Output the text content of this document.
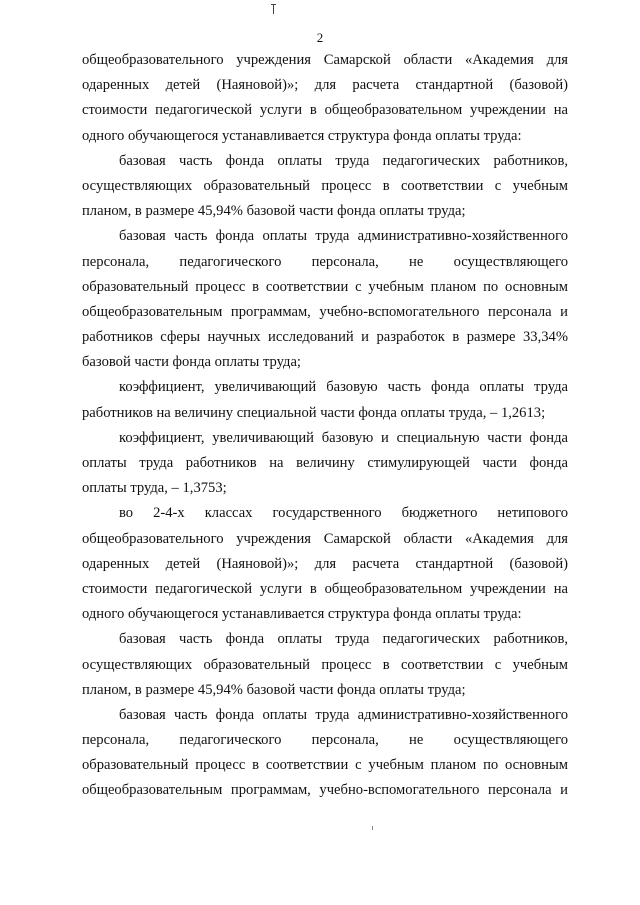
2
общеобразовательного учреждения Самарской области «Академия для
одаренных детей (Наяновой)»; для расчета стандартной (базовой)
стоимости педагогической услуги в общеобразовательном учреждении на
одного обучающегося устанавливается структура фонда оплаты труда:
базовая часть фонда оплаты труда педагогических работников,
осуществляющих образовательный процесс в соответствии с учебным
планом, в размере 45,94% базовой части фонда оплаты труда;
базовая часть фонда оплаты труда административно-хозяйственного
персонала, педагогического персонала, не осуществляющего
образовательный процесс в соответствии с учебным планом по основным
общеобразовательным программам, учебно-вспомогательного персонала и
работников сферы научных исследований и разработок в размере 33,34%
базовой части фонда оплаты труда;
коэффициент, увеличивающий базовую часть фонда оплаты труда
работников на величину специальной части фонда оплаты труда, – 1,2613;
коэффициент, увеличивающий базовую и специальную части фонда
оплаты труда работников на величину стимулирующей части фонда
оплаты труда, – 1,3753;
во 2-4-х классах государственного бюджетного нетипового
общеобразовательного учреждения Самарской области «Академия для
одаренных детей (Наяновой)»; для расчета стандартной (базовой)
стоимости педагогической услуги в общеобразовательном учреждении на
одного обучающегося устанавливается структура фонда оплаты труда:
базовая часть фонда оплаты труда педагогических работников,
осуществляющих образовательный процесс в соответствии с учебным
планом, в размере 45,94% базовой части фонда оплаты труда;
базовая часть фонда оплаты труда административно-хозяйственного
персонала, педагогического персонала, не осуществляющего
образовательный процесс в соответствии с учебным планом по основным
общеобразовательным программам, учебно-вспомогательного персонала и
